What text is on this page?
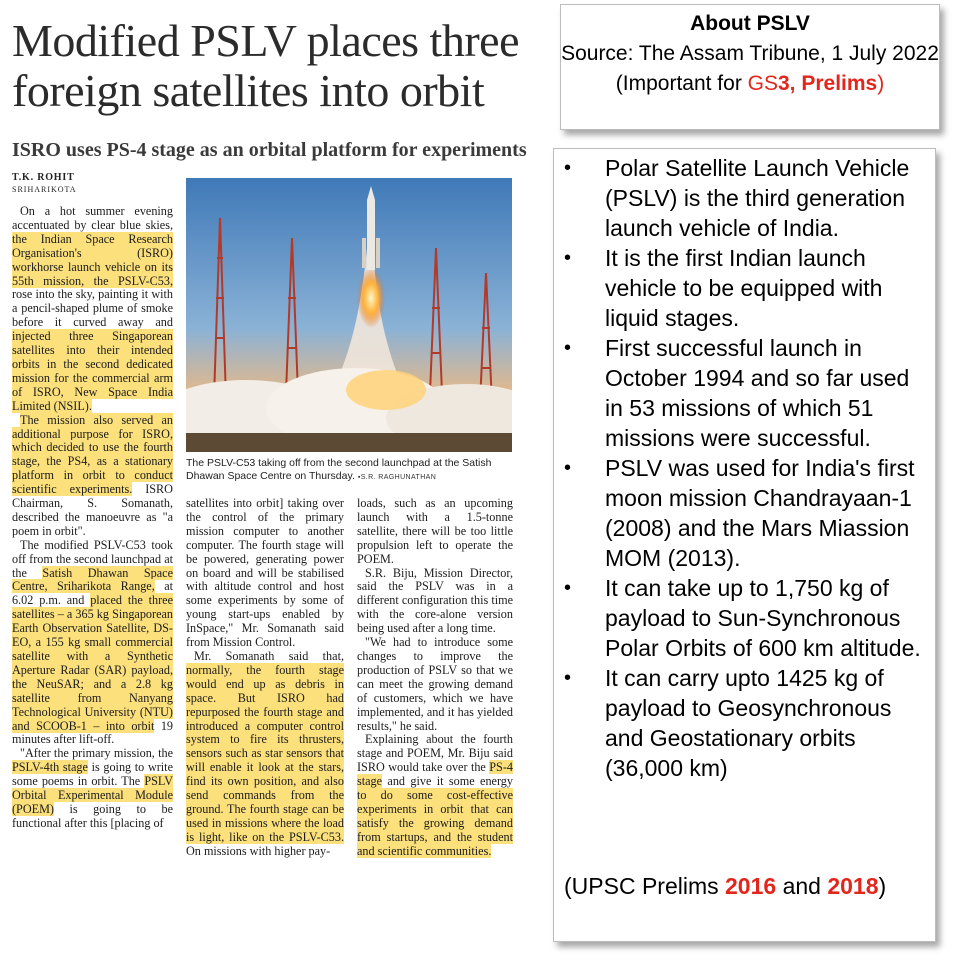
Modified PSLV places three foreign satellites into orbit
ISRO uses PS-4 stage as an orbital platform for experiments
T.K. ROHIT
SRIHARIKOTA

On a hot summer evening accentuated by clear blue skies, the Indian Space Research Organisation's (ISRO) workhorse launch vehicle on its 55th mission, the PSLV-C53, rose into the sky, painting it with a pencil-shaped plume of smoke before it curved away and injected three Singaporean satellites into their intended orbits in the second dedicated mission for the commercial arm of ISRO, New Space India Limited (NSIL).

The mission also served an additional purpose for ISRO, which decided to use the fourth stage, the PS4, as a stationary platform in orbit to conduct scientific experiments. ISRO Chairman, S. Somanath, described the manoeuvre as "a poem in orbit".

The modified PSLV-C53 took off from the second launchpad at the Satish Dhawan Space Centre, Sriharikota Range, at 6.02 p.m. and placed the three satellites – a 365 kg Singaporean Earth Observation Satellite, DS-EO, a 155 kg small commercial satellite with a Synthetic Aperture Radar (SAR) payload, the NeuSAR; and a 2.8 kg satellite from Nanyang Technological University (NTU) and SCOOB-1 – into orbit 19 minutes after lift-off.

"After the primary mission, the PSLV-4th stage is going to write some poems in orbit. The PSLV Orbital Experimental Module (POEM) is going to be functional after this [placing of

The PSLV-C53 taking off from the second launchpad at the Satish Dhawan Space Centre on Thursday. ▪S.R. RAGHUNATHAN

satellites into orbit] taking over the control of the primary mission computer to another computer. The fourth stage will be powered, generating power on board and will be stabilised with altitude control and host some experiments by some of young start-ups enabled by InSpace," Mr. Somanath said from Mission Control.

Mr. Somanath said that, normally, the fourth stage would end up as debris in space. But ISRO had repurposed the fourth stage and introduced a computer control system to fire its thrusters, sensors such as star sensors that will enable it look at the stars, find its own position, and also send commands from the ground. The fourth stage can be used in missions where the load is light, like on the PSLV-C53. On missions with higher pay-

loads, such as an upcoming launch with a 1.5-tonne satellite, there will be too little propulsion left to operate the POEM.

S.R. Biju, Mission Director, said the PSLV was in a different configuration this time with the core-alone version being used after a long time.

"We had to introduce some changes to improve the production of PSLV so that we can meet the growing demand of customers, which we have implemented, and it has yielded results," he said.

Explaining about the fourth stage and POEM, Mr. Biju said ISRO would take over the PS-4 stage and give it some energy to do some cost-effective experiments in orbit that can satisfy the growing demand from startups, and the student and scientific communities.

About PSLV
Source: The Assam Tribune, 1 July 2022
(Important for GS3, Prelims)
• Polar Satellite Launch Vehicle (PSLV) is the third generation launch vehicle of India.
• It is the first Indian launch vehicle to be equipped with liquid stages.
• First successful launch in October 1994 and so far used in 53 missions of which 51 missions were successful.
• PSLV was used for India's first moon mission Chandrayaan-1 (2008) and the Mars Miassion MOM (2013).
• It can take up to 1,750 kg of payload to Sun-Synchronous Polar Orbits of 600 km altitude.
• It can carry upto 1425 kg of payload to Geosynchronous and Geostationary orbits (36,000 km)
(UPSC Prelims 2016 and 2018)
